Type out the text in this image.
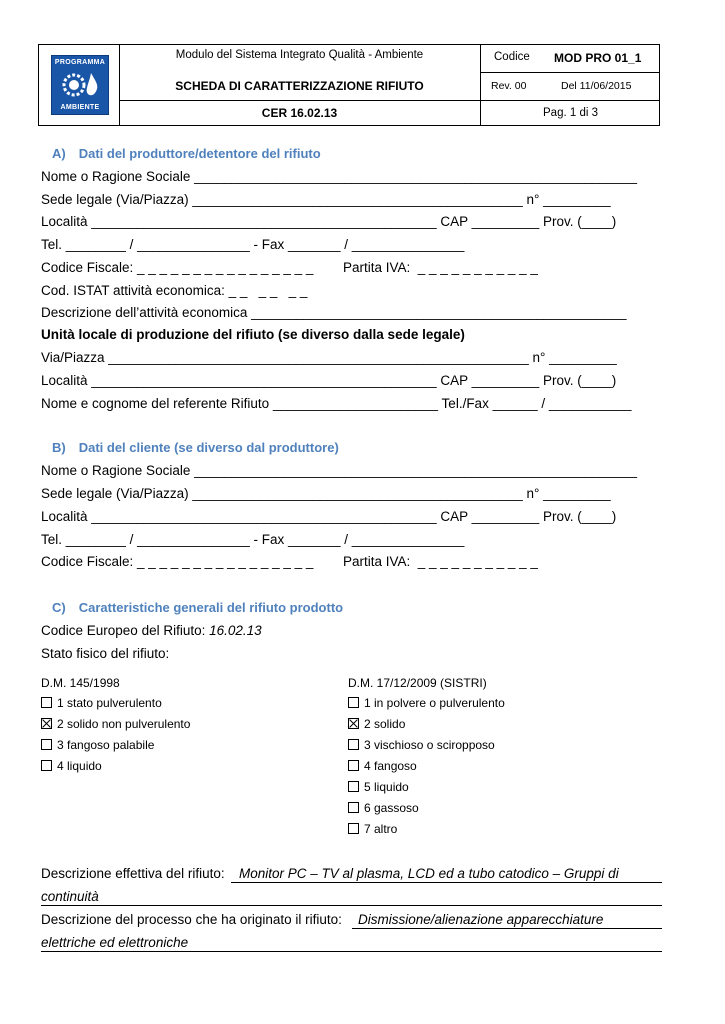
PROGRAMMA
AMBIENTE
Modulo del Sistema Integrato Qualità - Ambiente
SCHEDA DI CARATTERIZZAZIONE RIFIUTO
CER 16.02.13
Codice MOD PRO 01_1
Rev. 00	Del 11/06/2015
Pag. 1 di 3
A) Dati del produttore/detentore del rifiuto
Nome o Ragione Sociale ___________________________________________________________
Sede legale (Via/Piazza) ____________________________________________ n° _________
Località ______________________________________________ CAP _________ Prov. (____)
Tel. ________ / _______________ - Fax _______ / _______________
Codice Fiscale: _ _ _ _ _ _ _ _ _ _ _ _ _ _ _ _ Partita IVA:  _ _ _ _ _ _ _ _ _ _ _
Cod. ISTAT attività economica: _ _   _ _   _ _
Descrizione dell’attività economica __________________________________________________
Unità locale di produzione del rifiuto (se diverso dalla sede legale)
Via/Piazza ________________________________________________________ n° _________
Località ______________________________________________ CAP _________ Prov. (____)
Nome e cognome del referente Rifiuto ______________________ Tel./Fax ______ / ___________
B) Dati del cliente (se diverso dal produttore)
Nome o Ragione Sociale ___________________________________________________________
Sede legale (Via/Piazza) ____________________________________________ n° _________
Località ______________________________________________ CAP _________ Prov. (____)
Tel. ________ / _______________ - Fax _______ / _______________
Codice Fiscale: _ _ _ _ _ _ _ _ _ _ _ _ _ _ _ _ Partita IVA:  _ _ _ _ _ _ _ _ _ _ _
C) Caratteristiche generali del rifiuto prodotto
Codice Europeo del Rifiuto: 16.02.13
Stato fisico del rifiuto:
D.M. 145/1998
1 stato pulverulento
2 solido non pulverulento
3 fangoso palabile
4 liquido
D.M. 17/12/2009 (SISTRI)
1 in polvere o pulverulento
2 solido
3 vischioso o sciropposo
4 fangoso
5 liquido
6 gassoso
7 altro
Descrizione effettiva del rifiuto: Monitor PC – TV al plasma, LCD ed a tubo catodico – Gruppi di
continuità
Descrizione del processo che ha originato il rifiuto: Dismissione/alienazione apparecchiature
elettriche ed elettroniche
